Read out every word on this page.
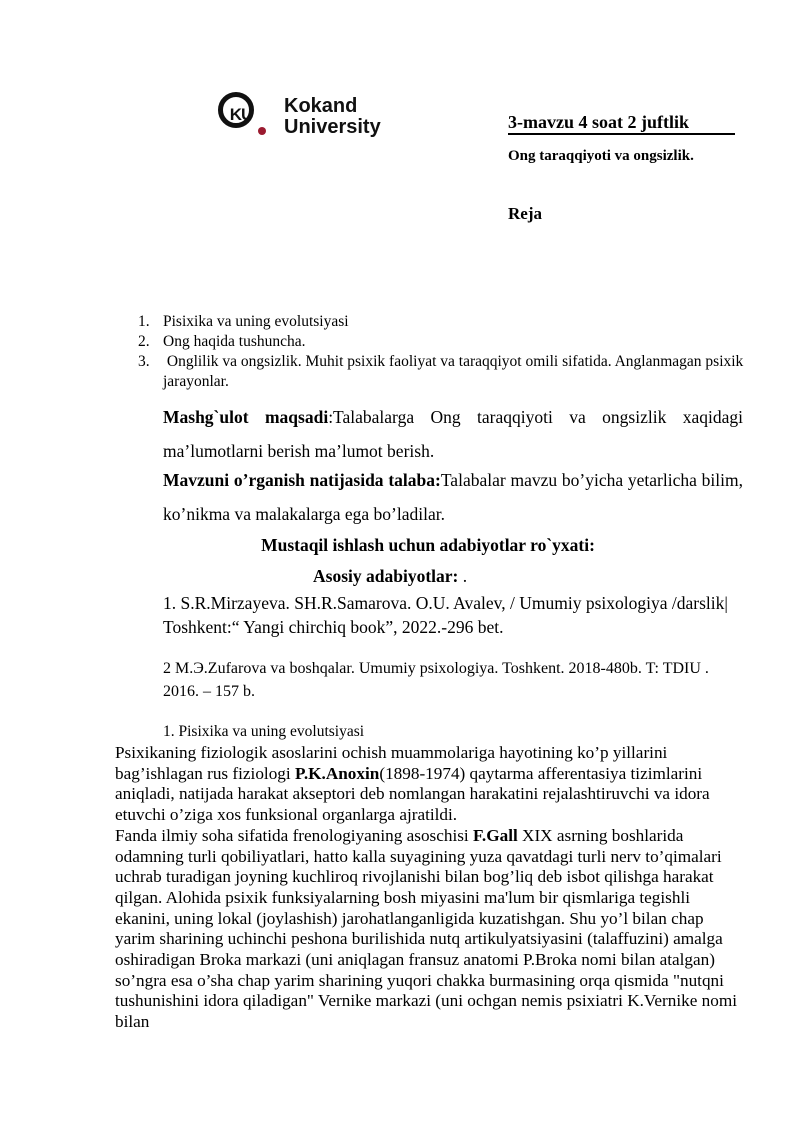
KU	Kokand
University	3-mavzu 4 soat 2 juftlik
Ong taraqqiyoti va ongsizlik.
Reja
1. Pisixika va uning evolutsiyasi
2. Ong haqida tushuncha.
3. Onglilik va ongsizlik. Muhit psixik faoliyat va taraqqiyot omili sifatida. Anglanmagan psixik jarayonlar.
Mashg`ulot maqsadi:Talabalarga Ong taraqqiyoti va ongsizlik xaqidagi ma’lumotlarni berish ma’lumot berish.
Mavzuni o’rganish natijasida talaba:Talabalar mavzu bo’yicha yetarlicha bilim, ko’nikma va malakalarga ega bo’ladilar.
Mustaqil ishlash uchun adabiyotlar ro`yxati:
Asosiy adabiyotlar: .
1. S.R.Mirzayeva. SH.R.Samarova. O.U. Avalev, / Umumiy psixologiya /darslik| Toshkent:“ Yangi chirchiq book”, 2022.-296 bet.
2 M.Э.Zufarova va boshqalar. Umumiy psixologiya. Toshkent. 2018-480b. T: TDIU . 2016. – 157 b.
1. Pisixika va uning evolutsiyasi
Psixikaning fiziologik asoslarini ochish muammolariga hayotining ko’p yillarini bag’ishlagan rus fiziologi P.K.Anoxin(1898-1974) qaytarma afferentasiya tizimlarini aniqladi, natijada harakat akseptori deb nomlangan harakatini rejalashtiruvchi va idora etuvchi o’ziga xos funksional organlarga ajratildi.
Fanda ilmiy soha sifatida frenologiyaning asoschisi F.Gall XIX asrning boshlarida odamning turli qobiliyatlari, hatto kalla suyagining yuza qavatdagi turli nerv to’qimalari uchrab turadigan joyning kuchliroq rivojlanishi bilan bog’liq deb isbot qilishga harakat qilgan. Alohida psixik funksiyalarning bosh miyasini ma'lum bir qismlariga tegishli ekanini, uning lokal (joylashish) jarohatlanganligida kuzatishgan. Shu yo’l bilan chap yarim sharining uchinchi peshona burilishida nutq artikulyatsiyasini (talaffuzini) amalga oshiradigan Broka markazi (uni aniqlagan fransuz anatomi P.Broka nomi bilan atalgan) so’ngra esa o’sha chap yarim sharining yuqori chakka burmasining orqa qismida "nutqni tushunishini idora qiladigan" Vernike markazi (uni ochgan nemis psixiatri K.Vernike nomi bilan
